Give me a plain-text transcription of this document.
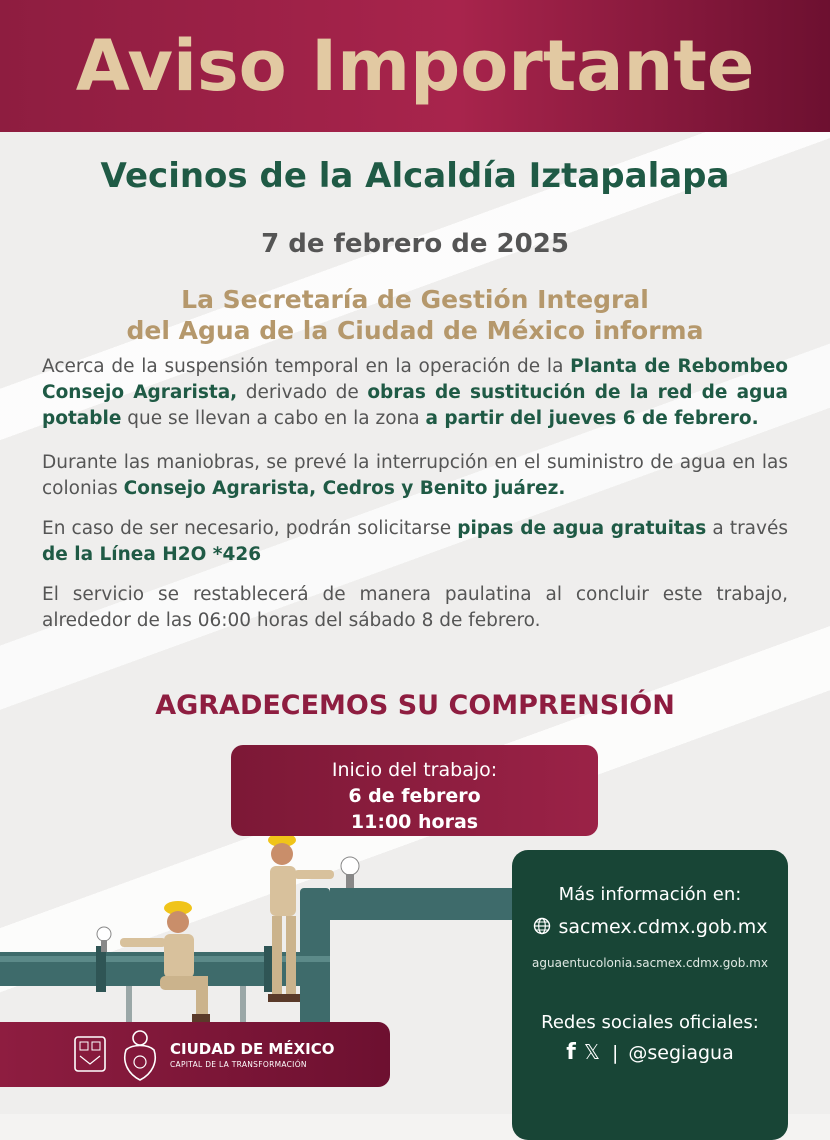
Aviso Importante
Vecinos de la Alcaldía Iztapalapa
7 de febrero de 2025
La Secretaría de Gestión Integral
del Agua de la Ciudad de México informa

Acerca de la suspensión temporal en la operación de la Planta de Rebombeo Consejo Agrarista, derivado de obras de sustitución de la red de agua potable que se llevan a cabo en la zona a partir del jueves 6 de febrero.

Durante las maniobras, se prevé la interrupción en el suministro de agua en las colonias Consejo Agrarista, Cedros y Benito juárez.

En caso de ser necesario, podrán solicitarse pipas de agua gratuitas a través de la Línea H2O *426

El servicio se restablecerá de manera paulatina al concluir este trabajo, alrededor de las 06:00 horas del sábado 8 de febrero.

AGRADECEMOS SU COMPRENSIÓN
Inicio del trabajo:
6 de febrero
11:00 horas
Más información en:
sacmex.cdmx.gob.mx
aguaentucolonia.sacmex.cdmx.gob.mx
Redes sociales oficiales:
f 𝕏 | @segiagua
CIUDAD DE MÉXICO
CAPITAL DE LA TRANSFORMACIÓN
